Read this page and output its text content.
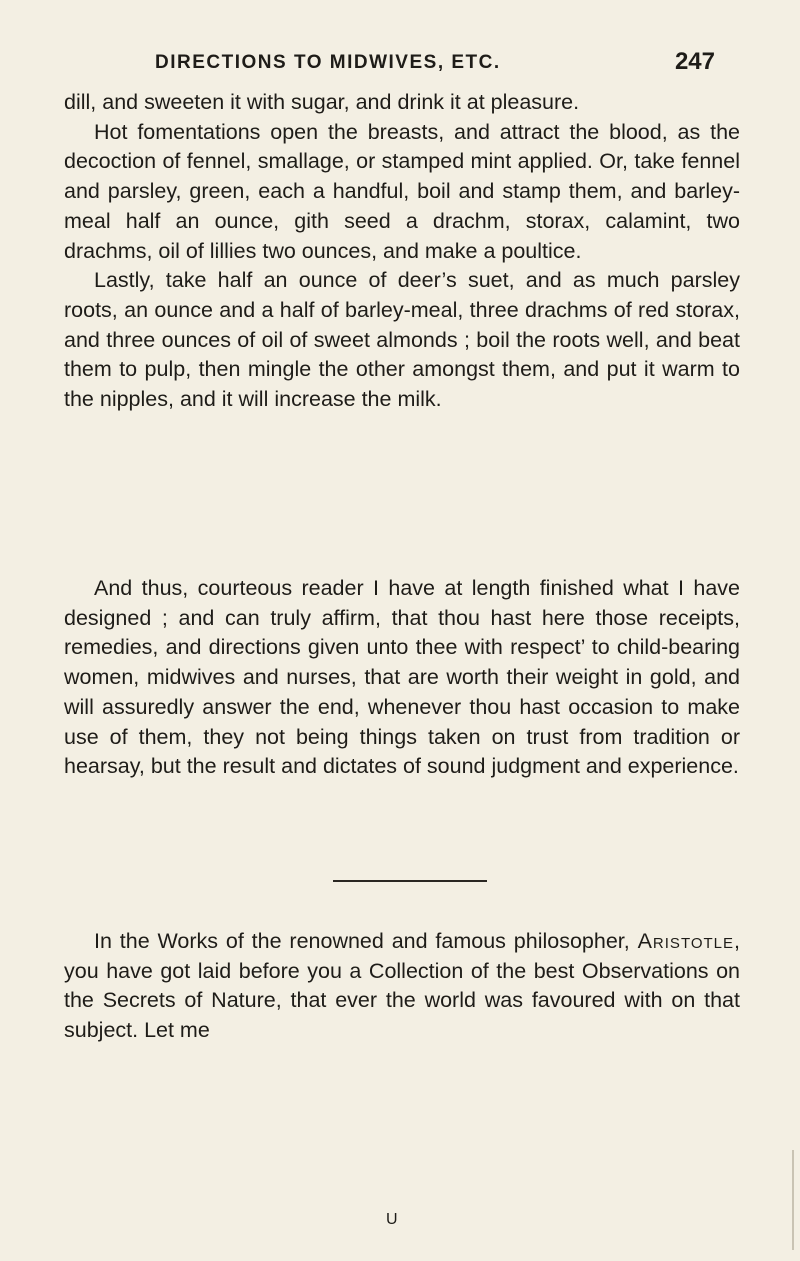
DIRECTIONS TO MIDWIVES, ETC.	247

dill, and sweeten it with sugar, and drink it at pleasure.

Hot fomentations open the breasts, and attract the blood, as the decoction of fennel, smallage, or stamped mint applied. Or, take fennel and parsley, green, each a handful, boil and stamp them, and barley-meal half an ounce, gith seed a drachm, storax, calamint, two drachms, oil of lillies two ounces, and make a poultice.

Lastly, take half an ounce of deer’s suet, and as much parsley roots, an ounce and a half of barley-meal, three drachms of red storax, and three ounces of oil of sweet almonds ; boil the roots well, and beat them to pulp, then mingle the other amongst them, and put it warm to the nipples, and it will increase the milk.

And thus, courteous reader I have at length finished what I have designed ; and can truly affirm, that thou hast here those receipts, remedies, and directions given unto thee with respect’ to child-bearing women, midwives and nurses, that are worth their weight in gold, and will assuredly answer the end, whenever thou hast occasion to make use of them, they not being things taken on trust from tradition or hearsay, but the result and dictates of sound judgment and experience.

In the Works of the renowned and famous philosopher, Aristotle, you have got laid before you a Collection of the best Observations on the Secrets of Nature, that ever the world was favoured with on that subject. Let me

U
